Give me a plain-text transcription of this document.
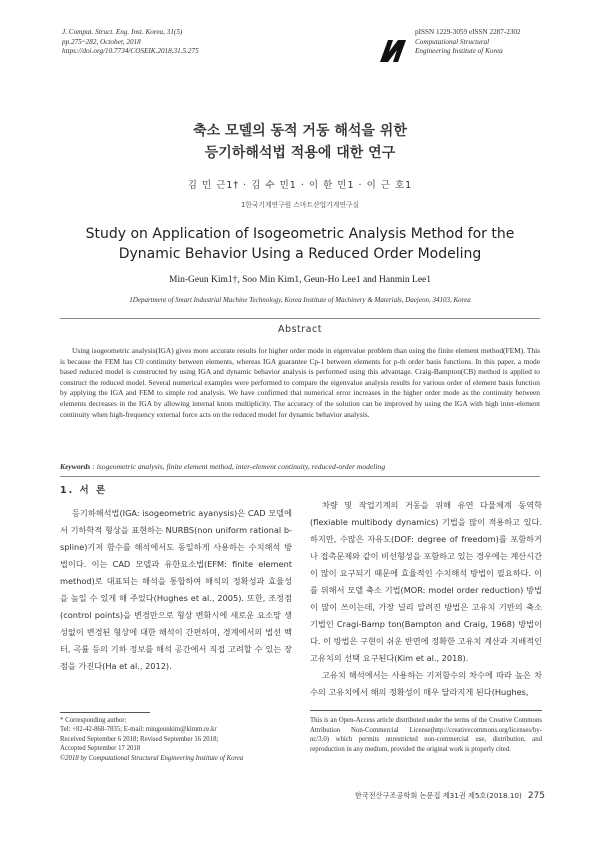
J. Comput. Struct. Eng. Inst. Korea, 31(5)
pp.275~282, October, 2018
https://doi.org/10.7734/COSEIK.2018.31.5.275
pISSN 1229-3059 eISSN 2287-2302
Computational Structural
Engineering Institute of Korea
축소 모델의 동적 거동 해석을 위한
등기하해석법 적용에 대한 연구
김 민 근1† · 김 수 민1 · 이 한 민1 · 이 근 호1
1한국기계연구원 스마트산업기계연구실
Study on Application of Isogeometric Analysis Method for the
Dynamic Behavior Using a Reduced Order Modeling
Min-Geun Kim1†, Soo Min Kim1, Geun-Ho Lee1 and Hanmin Lee1
1Department of Smart Industrial Machine Technology, Korea Institute of Machinery & Materials, Daejeon, 34103, Korea
Abstract
Using isogeometric analysis(IGA) gives more accurate results for higher order mode in eigenvalue problem than using the finite element method(FEM). This is because the FEM has C0 continuity between elements, whereas IGA guarantee Cp-1 between elements for p-th order basis functions. In this paper, a mode based reduced model is constructed by using IGA and dynamic behavior analysis is performed using this advantage. Craig-Bampton(CB) method is applied to construct the reduced model. Several numerical examples were performed to compare the eigenvalue analysis results for various order of element basis function by applying the IGA and FEM to simple rod analysis. We have confirmed that numerical error increases in the higher order mode as the continuity between elements decreases in the IGA by allowing internal knots multiplicity. The accuracy of the solution can be improved by using the IGA with high inter-element continuity when high-frequency external force acts on the reduced model for dynamic behavior analysis.
Keywords : isogeometric analysis, finite element method, inter-element continuity, reduced-order modeling
1. 서 론

등기하해석법(IGA: isogeometric ayanysis)은 CAD 모델에서 기하학적 형상을 표현하는 NURBS(non uniform rational b-spline)기저 함수를 해석에서도 동일하게 사용하는 수치해석 방법이다. 이는 CAD 모델과 유한요소법(EFM: finite element method)로 대표되는 해석을 통합하여 해석의 정확성과 효율성을 높일 수 있게 해 주었다(Hughes et al., 2005). 또한, 조정점(control points)을 변경만으로 형상 변화시에 새로운 요소망 생성없이 변경된 형상에 대한 해석이 간편하며, 경계에서의 법선 벡터, 곡률 등의 기하 정보를 해석 공간에서 직접 고려할 수 있는 장점을 가진다(Ha et al., 2012).

차량 및 작업기계의 거동을 위해 유연 다물체계 동역학(flexiable multibody dynamics) 기법을 많이 적용하고 있다. 하지만, 수많은 자유도(DOF: degree of freedom)를 포함하거나 접촉문제와 같이 비선형성을 포함하고 있는 경우에는 계산시간이 많이 요구되기 때문에 효율적인 수치해석 방법이 필요하다. 이를 위해서 모델 축소 기법(MOR: model order reduction) 방법이 많이 쓰이는데, 가장 널리 알려진 방법은 고유치 기반의 축소 기법인 Cragi-Bamp ton(Bampton and Craig, 1968) 방법이다. 이 방법은 구현이 쉬운 반면에 정확한 고유치 계산과 지배적인 고유치의 선택 요구된다(Kim et al., 2018).

고유치 해석에서는 사용하는 기저함수의 차수에 따라 높은 차수의 고유치에서 해의 정확성이 매우 달라지게 된다(Hughes,

* Corresponding author:
Tel: +82-42-868-7835; E-mail: mingeunkim@kimm.re.kr
Received September 6 2018; Revised September 16 2018;
Accepted September 17 2018
©2018 by Computational Structural Engineering Institute of Korea
This is an Open-Access article distributed under the terms of the Creative Commons Attribution Non-Commercial License(http://creativecommons.org/licenses/by-nc/3.0) which permits unrestricted non-commercial use, distribution, and reproduction in any medium, provided the original work is properly cited.
한국전산구조공학회 논문집 제31권 제5호(2018.10) 275
